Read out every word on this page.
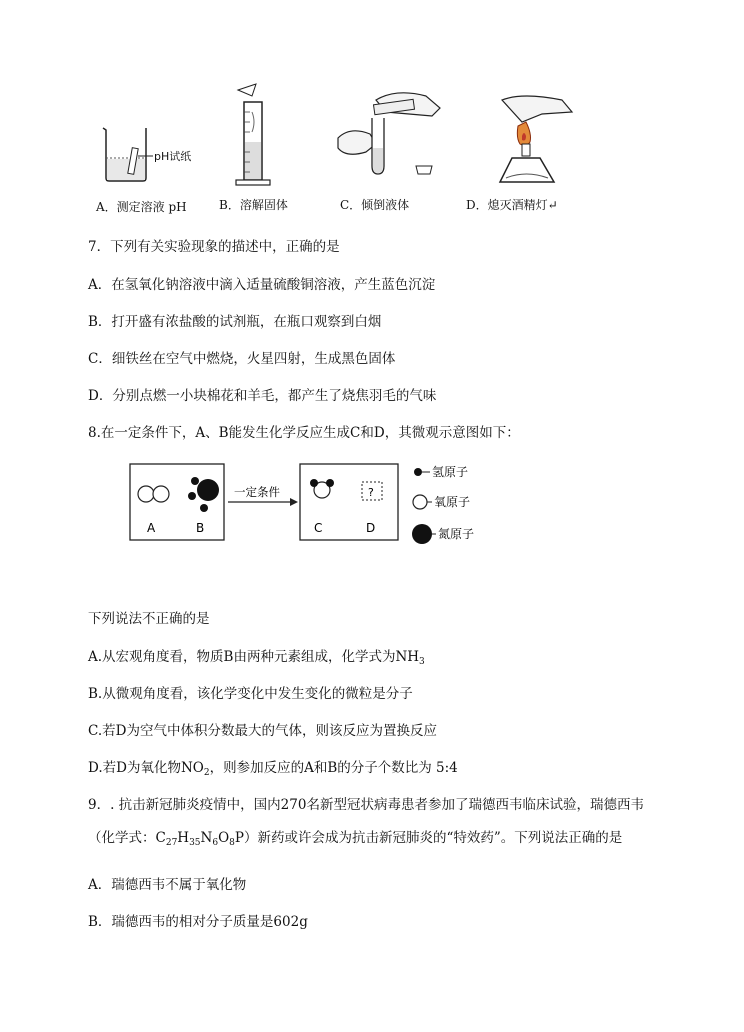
pH试纸
A．测定溶液 pH	B．溶解固体	C．倾倒液体	D．熄灭酒精灯↵
7．下列有关实验现象的描述中，正确的是
A．在氢氧化钠溶液中滴入适量硫酸铜溶液，产生蓝色沉淀
B．打开盛有浓盐酸的试剂瓶，在瓶口观察到白烟
C．细铁丝在空气中燃烧，火星四射，生成黑色固体
D．分别点燃一小块棉花和羊毛，都产生了烧焦羽毛的气味
8.在一定条件下，A、B能发生化学反应生成C和D，其微观示意图如下：
A	B
一定条件	?
C	D
氢原子
氧原子
氮原子
下列说法不正确的是
A.从宏观角度看，物质B由两种元素组成，化学式为$NH_3$
B.从微观角度看，该化学变化中发生变化的微粒是分子
C.若D为空气中体积分数最大的气体，则该反应为置换反应
D.若D为氧化物$NO_2$，则参加反应的A和B的分子个数比为 5:4
9．. 抗击新冠肺炎疫情中，国内270名新型冠状病毒患者参加了瑞德西韦临床试验，瑞德西韦
（化学式：$C_{27}H_{35}N_6O_8P$）新药或许会成为抗击新冠肺炎的“特效药”。下列说法正确的是
A．瑞德西韦不属于氧化物
B．瑞德西韦的相对分子质量是602g
